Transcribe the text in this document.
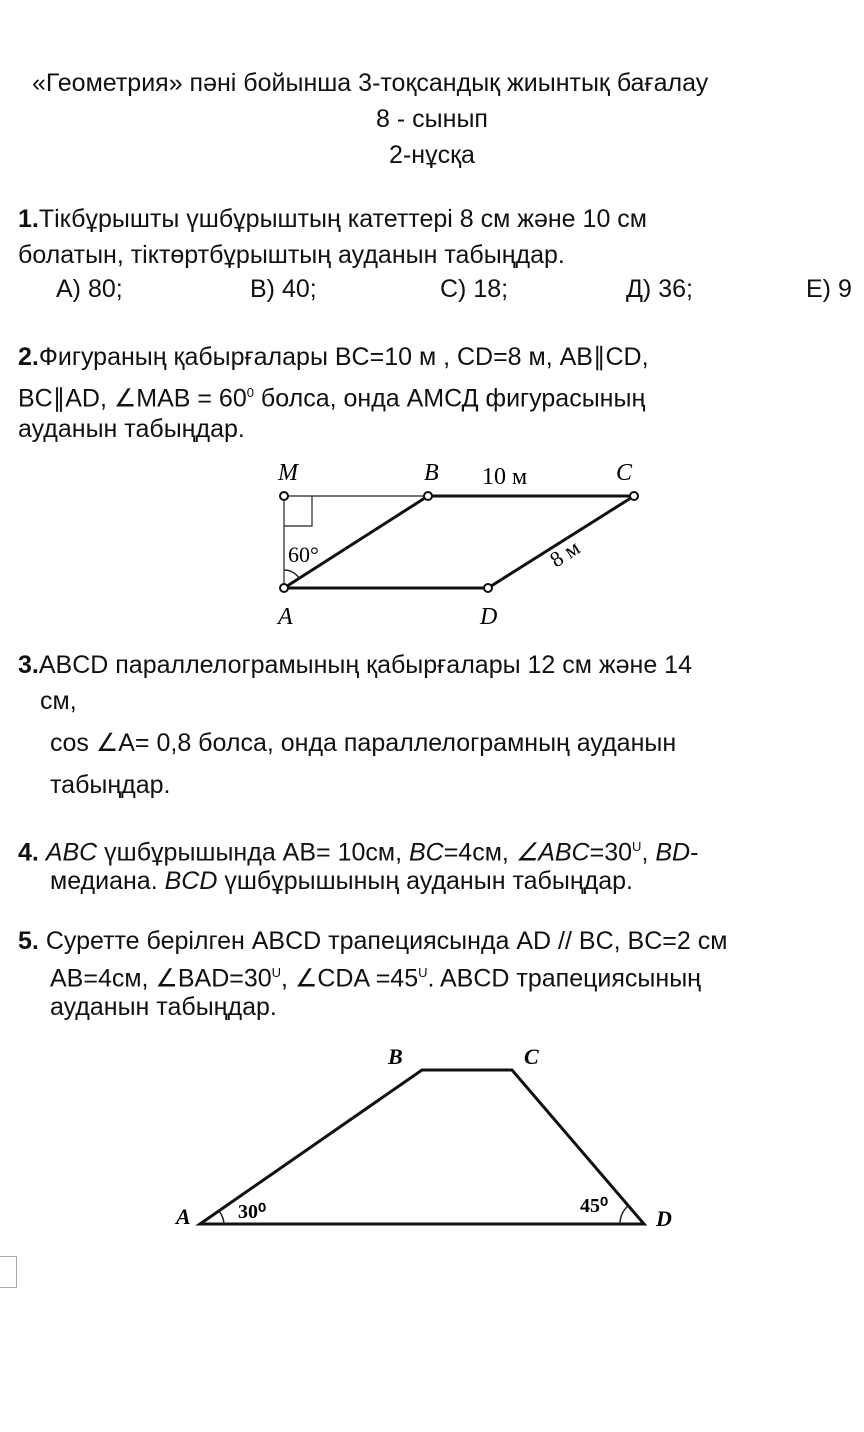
«Геометрия» пәні бойынша 3-тоқсандық жиынтық бағалау
8 - сынып
2-нұсқа
1.Тікбұрышты үшбұрыштың катеттері 8 см және 10 см
болатын, тіктөртбұрыштың ауданын табыңдар.
А) 80;	В) 40;	С) 18;	Д) 36;	Е) 9
2.Фигураның қабырғалары BC=10 м , CD=8 м, AB∥CD,
BC∥AD, ∠MAB = $60^0$ болса, онда АМСД фигурасының
ауданын табыңдар.
M	B	C
A	D
10 м
60°	8 м
3.ABCD параллелограмының қабырғалары 12 см және 14
см,
cos ∠A= 0,8 болса, онда параллелограмның ауданын
табыңдар.
4. ABC үшбұрышында AB= 10см, BC=4см, $\angle ABC=30^U$, BD-
медиана. BCD үшбұрышының ауданын табыңдар.
5. Суретте берілген ABCD трапециясында AD // BC, BC=2 см
AB=4см, $\angle BAD=30^U$, ∠CDA $=45^U$. ABCD трапециясының
ауданын табыңдар.
A
B	C
D
30⁰	45⁰
